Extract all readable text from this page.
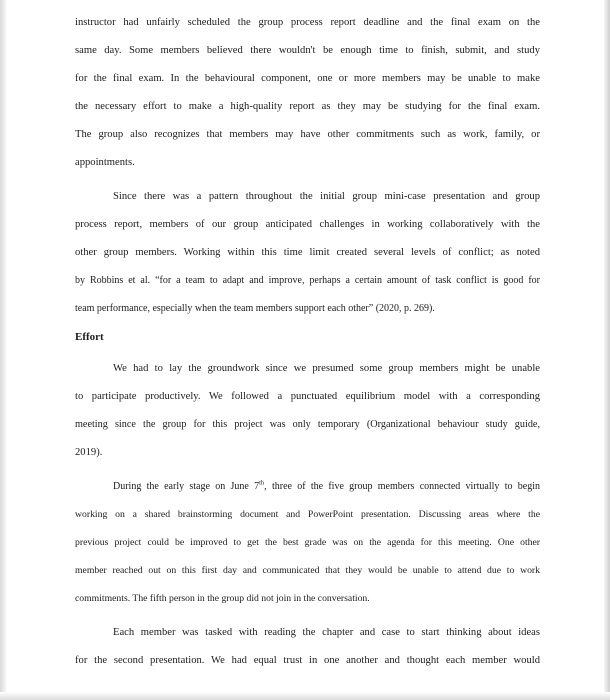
instructor had unfairly scheduled the group process report deadline and the final exam on the
same day. Some members believed there wouldn't be enough time to finish, submit, and study
for the final exam. In the behavioural component, one or more members may be unable to make
the necessary effort to make a high-quality report as they may be studying for the final exam.
The group also recognizes that members may have other commitments such as work, family, or
appointments.
Since there was a pattern throughout the initial group mini-case presentation and group
process report, members of our group anticipated challenges in working collaboratively with the
other group members. Working within this time limit created several levels of conflict; as noted
by Robbins et al. “for a team to adapt and improve, perhaps a certain amount of task conflict is good for
team performance, especially when the team members support each other” (2020, p. 269).
Effort
We had to lay the groundwork since we presumed some group members might be unable
to participate productively. We followed a punctuated equilibrium model with a corresponding
meeting since the group for this project was only temporary (Organizational behaviour study guide,
2019).
During the early stage on June 7th, three of the five group members connected virtually to begin
working on a shared brainstorming document and PowerPoint presentation. Discussing areas where the
previous project could be improved to get the best grade was on the agenda for this meeting. One other
member reached out on this first day and communicated that they would be unable to attend due to work
commitments. The fifth person in the group did not join in the conversation.
Each member was tasked with reading the chapter and case to start thinking about ideas
for the second presentation. We had equal trust in one another and thought each member would
